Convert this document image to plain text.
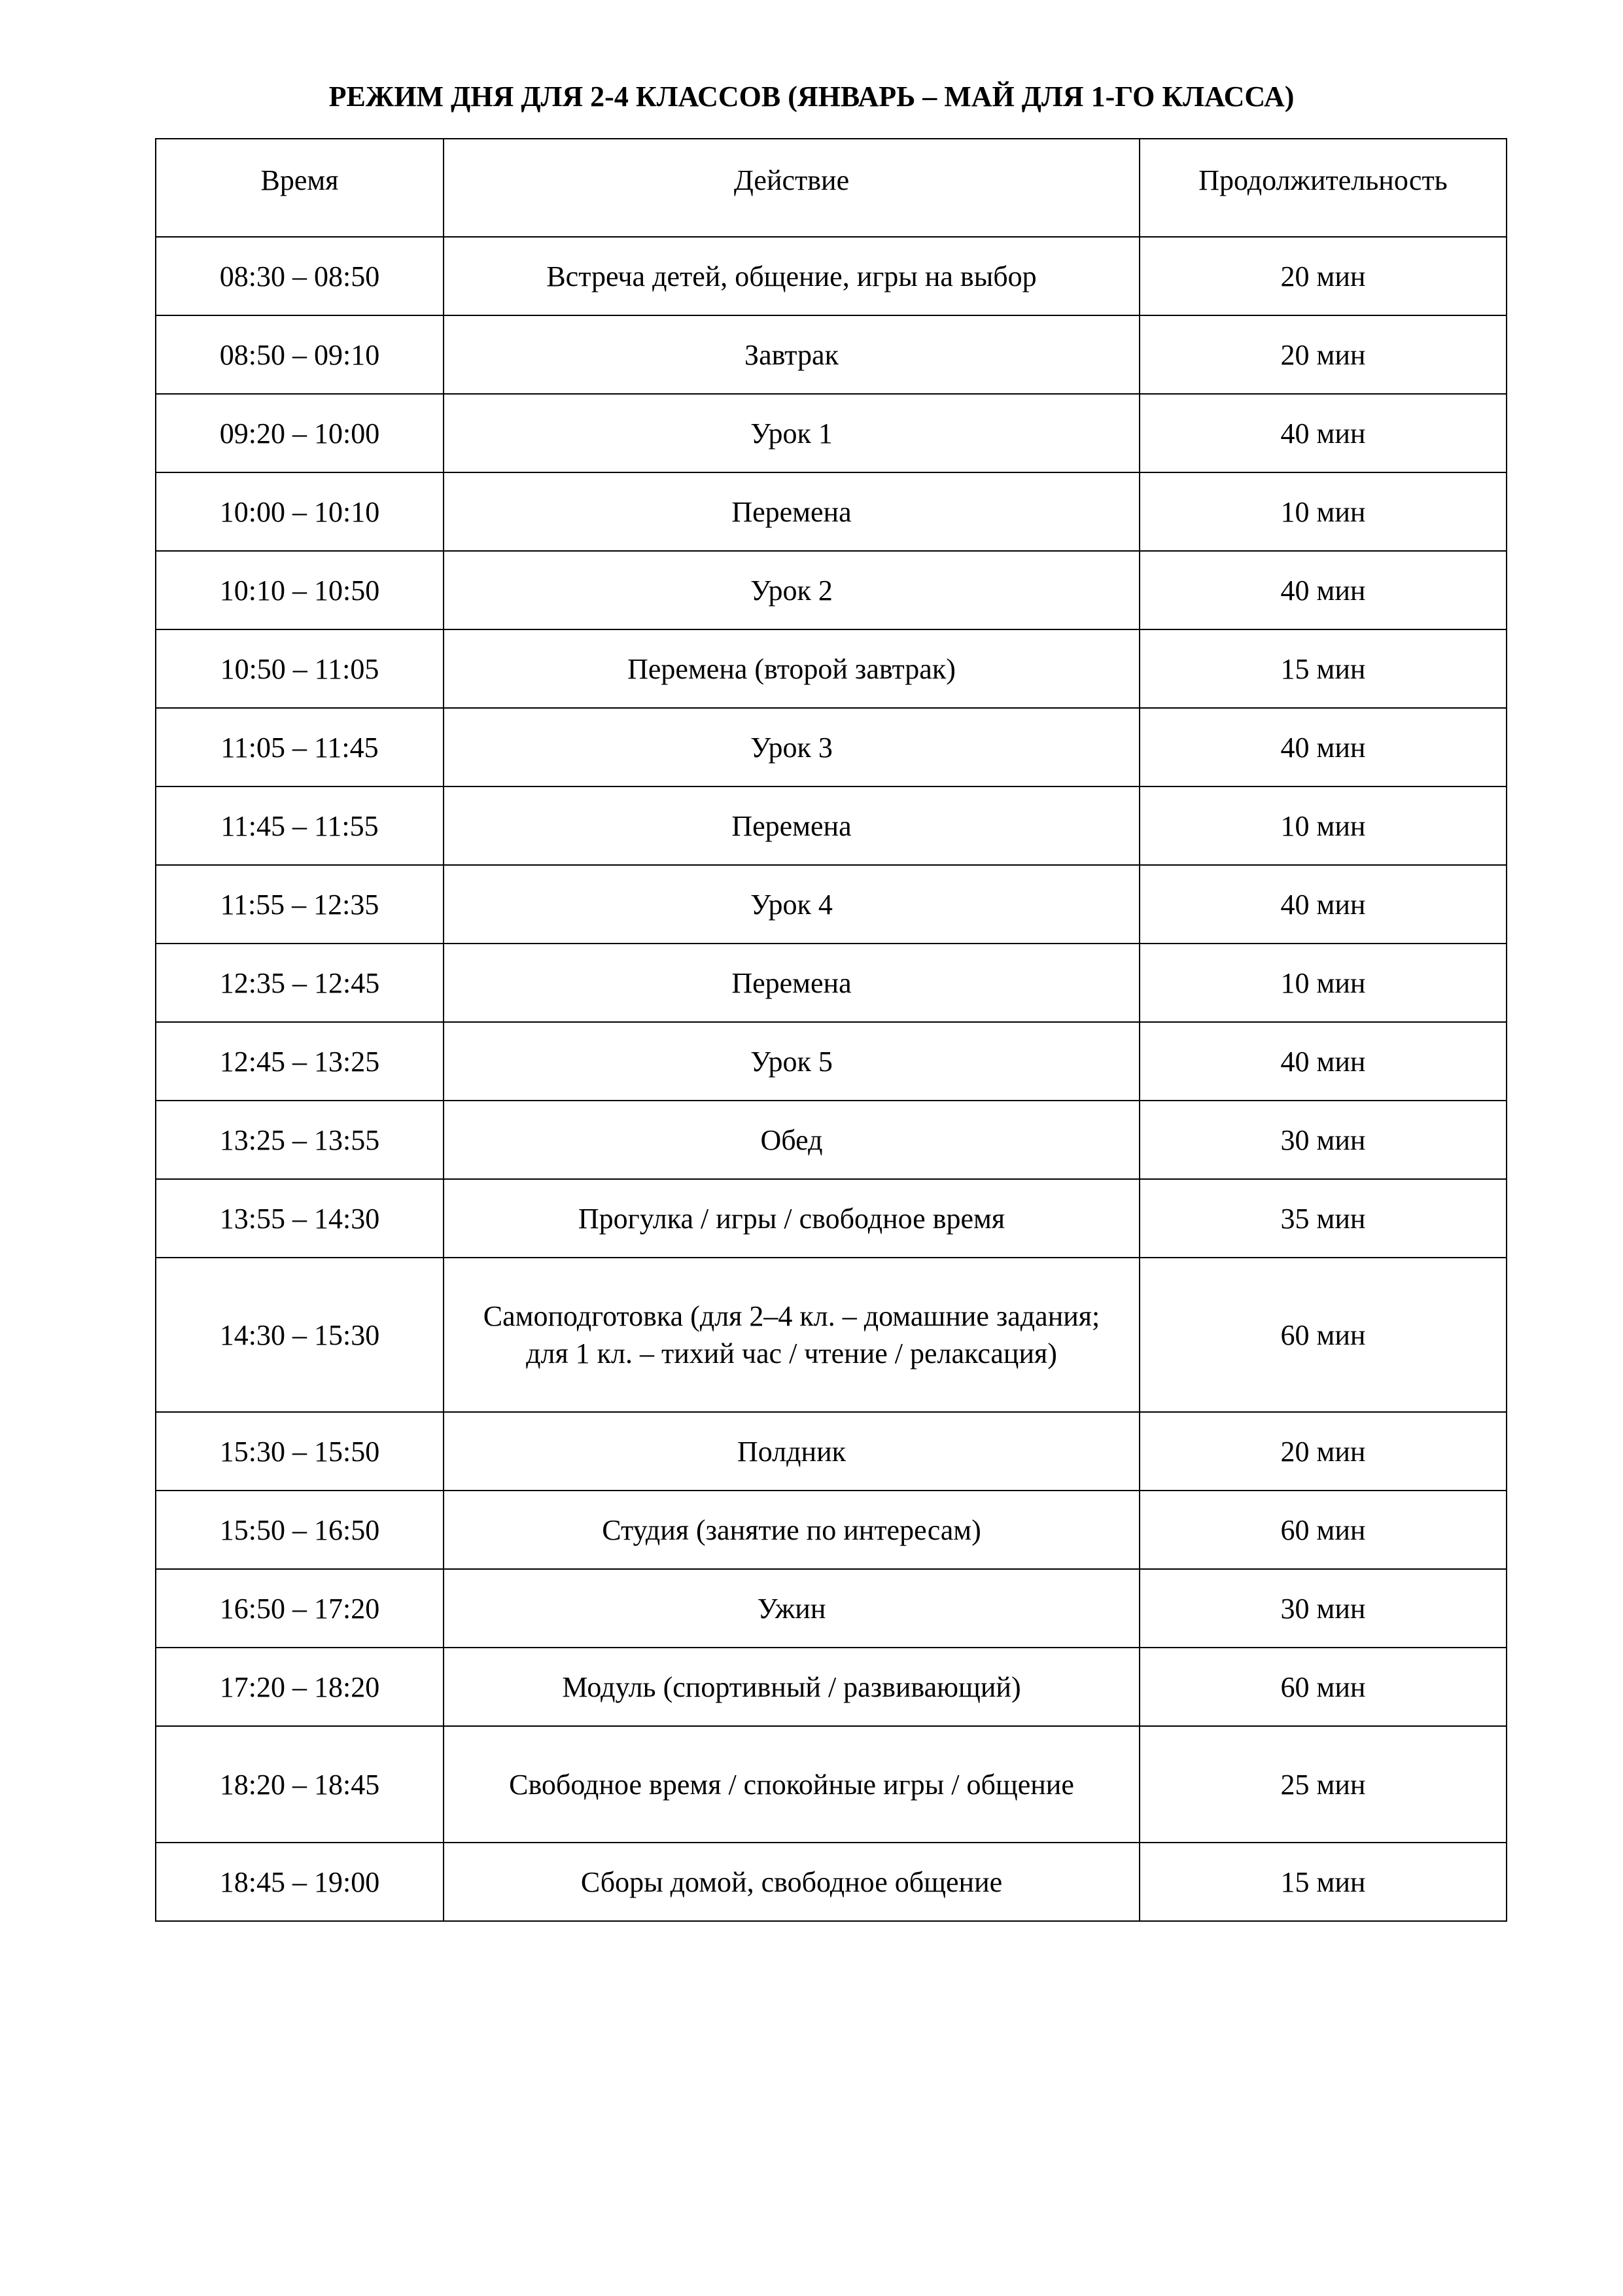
РЕЖИМ ДНЯ ДЛЯ 2-4 КЛАССОВ (ЯНВАРЬ – МАЙ ДЛЯ 1-ГО КЛАССА)
Время	Действие	Продолжительность
08:30 – 08:50	Встреча детей, общение, игры на выбор	20 мин
08:50 – 09:10	Завтрак	20 мин
09:20 – 10:00	Урок 1	40 мин
10:00 – 10:10	Перемена	10 мин
10:10 – 10:50	Урок 2	40 мин
10:50 – 11:05	Перемена (второй завтрак)	15 мин
11:05 – 11:45	Урок 3	40 мин
11:45 – 11:55	Перемена	10 мин
11:55 – 12:35	Урок 4	40 мин
12:35 – 12:45	Перемена	10 мин
12:45 – 13:25	Урок 5	40 мин
13:25 – 13:55	Обед	30 мин
13:55 – 14:30	Прогулка / игры / свободное время	35 мин
14:30 – 15:30	Самоподготовка (для 2–4 кл. – домашние задания; для 1 кл. – тихий час / чтение / релаксация)	60 мин
15:30 – 15:50	Полдник	20 мин
15:50 – 16:50	Студия (занятие по интересам)	60 мин
16:50 – 17:20	Ужин	30 мин
17:20 – 18:20	Модуль (спортивный / развивающий)	60 мин
18:20 – 18:45	Свободное время / спокойные игры / общение	25 мин
18:45 – 19:00	Сборы домой, свободное общение	15 мин
